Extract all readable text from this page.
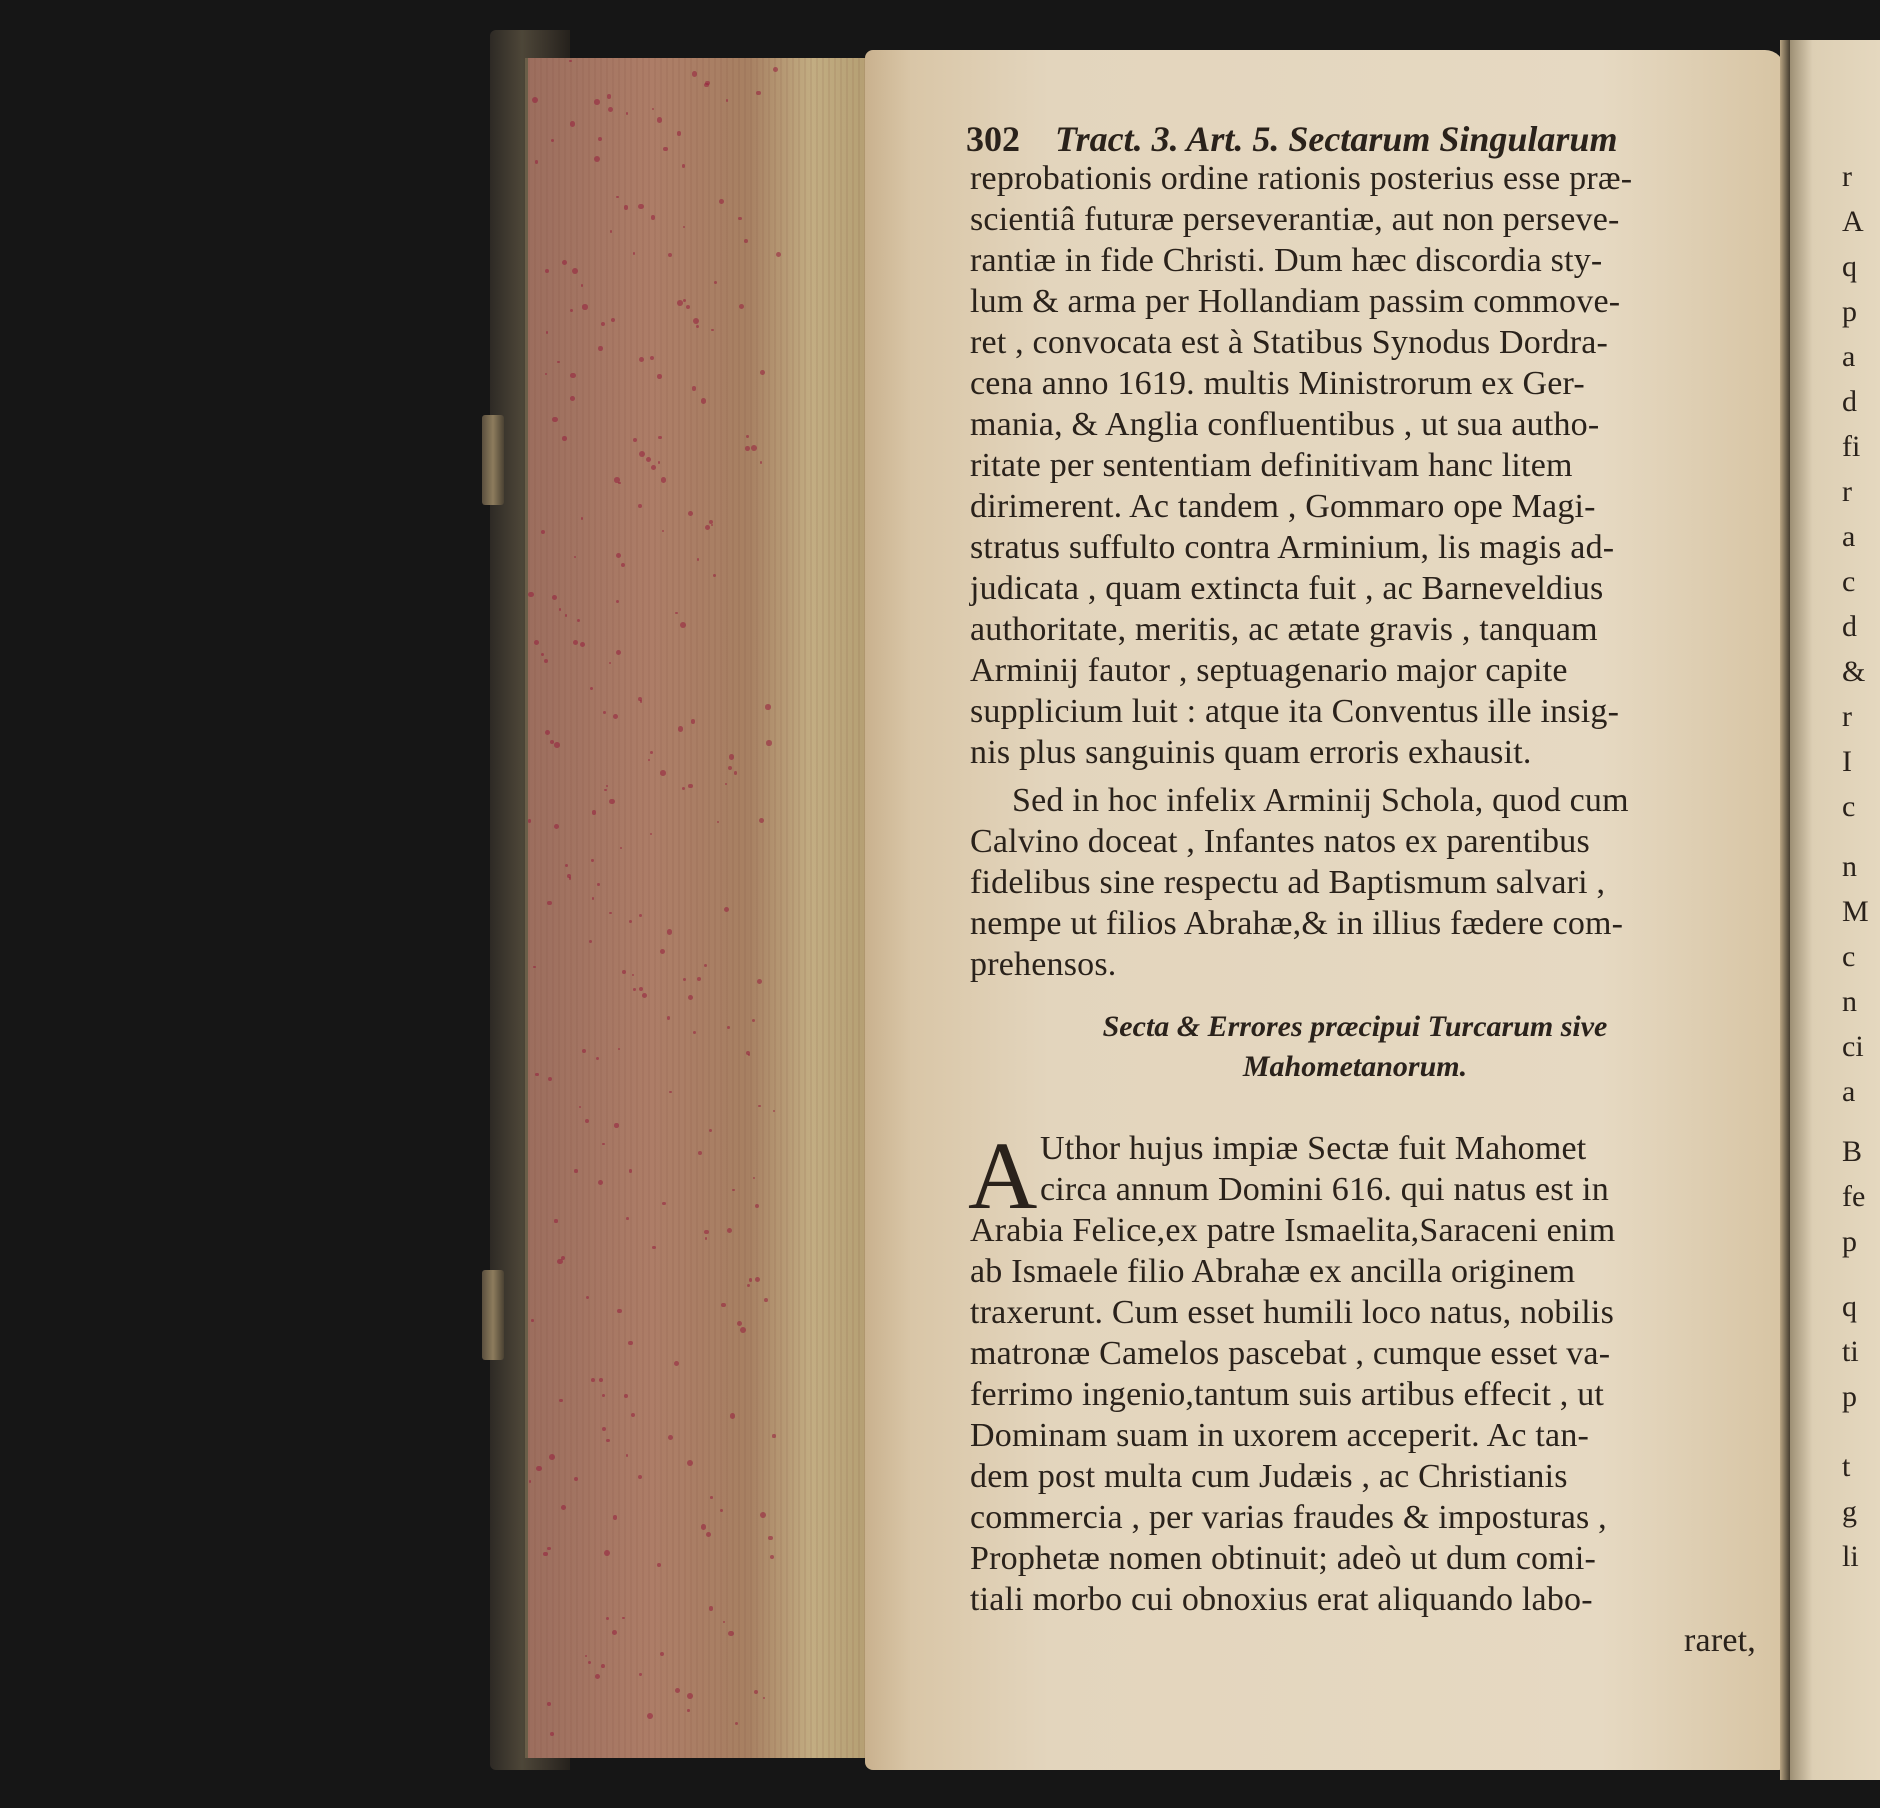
302 Tract. 3. Art. 5. Sectarum Singularum
reprobationis ordine rationis posterius esse præ-
scientiâ futuræ perseverantiæ, aut non perseve-
rantiæ in fide Christi. Dum hæc discordia sty-
lum & arma per Hollandiam passim commove-
ret , convocata est à Statibus Synodus Dordra-
cena anno 1619. multis Ministrorum ex Ger-
mania, & Anglia confluentibus , ut sua autho-
ritate per sententiam definitivam hanc litem
dirimerent. Ac tandem , Gommaro ope Magi-
stratus suffulto contra Arminium, lis magis ad-
judicata , quam extincta fuit , ac Barneveldius
authoritate, meritis, ac ætate gravis , tanquam
Arminij fautor , septuagenario major capite
supplicium luit : atque ita Conventus ille insig-
nis plus sanguinis quam erroris exhausit.
Sed in hoc infelix Arminij Schola, quod cum
Calvino doceat , Infantes natos ex parentibus
fidelibus sine respectu ad Baptismum salvari ,
nempe ut filios Abrahæ,& in illius fædere com-
prehensos.
Secta & Errores præcipui Turcarum sive
Mahometanorum.
A Uthor hujus impiæ Sectæ fuit Mahomet
circa annum Domini 616. qui natus est in
Arabia Felice,ex patre Ismaelita,Saraceni enim
ab Ismaele filio Abrahæ ex ancilla originem
traxerunt. Cum esset humili loco natus, nobilis
matronæ Camelos pascebat , cumque esset va-
ferrimo ingenio,tantum suis artibus effecit , ut
Dominam suam in uxorem acceperit. Ac tan-
dem post multa cum Judæis , ac Christianis
commercia , per varias fraudes & imposturas ,
Prophetæ nomen obtinuit; adeò ut dum comi-
tiali morbo cui obnoxius erat aliquando labo-
raret,
r
A
q
p
a
d
fi
r
a
c
d
&
r
I
c
n
M
c
n
ci
a
B
fe
p
q
ti
p
t
g
li
